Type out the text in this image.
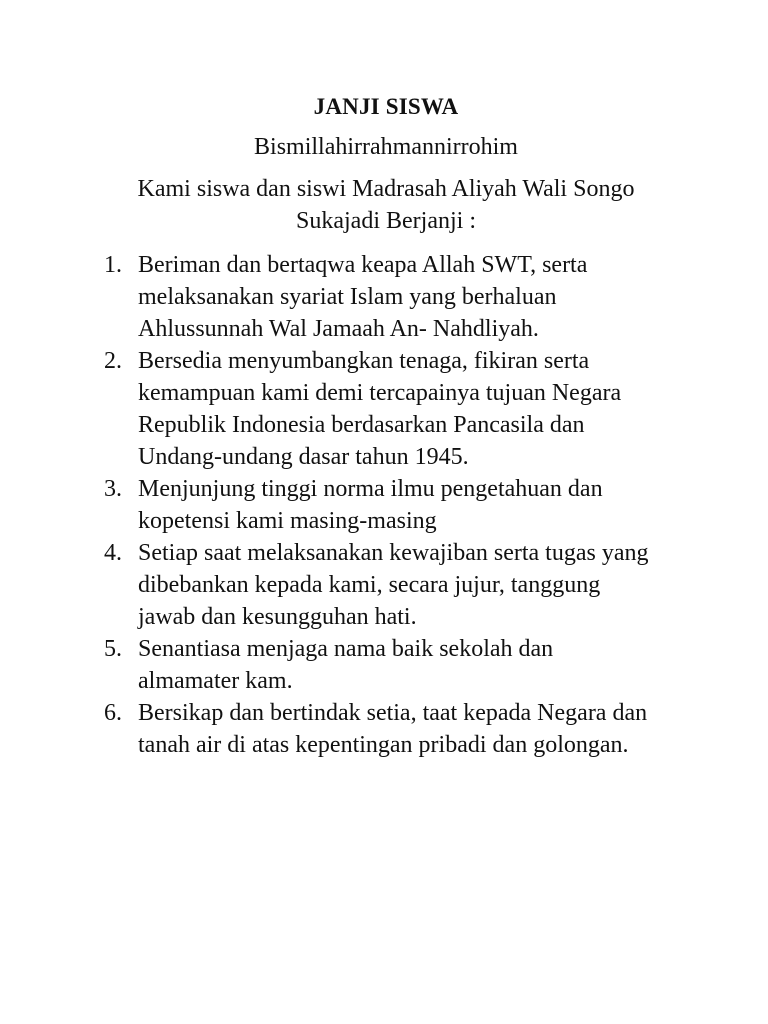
JANJI SISWA

Bismillahirrahmannirrohim

Kami siswa dan siswi Madrasah Aliyah Wali Songo
Sukajadi Berjanji :

1. Beriman dan bertaqwa keapa Allah SWT, serta
melaksanakan syariat Islam yang berhaluan
Ahlussunnah Wal Jamaah An- Nahdliyah.
2. Bersedia menyumbangkan tenaga, fikiran serta
kemampuan kami demi tercapainya tujuan Negara
Republik Indonesia berdasarkan Pancasila dan
Undang-undang dasar tahun 1945.
3. Menjunjung tinggi norma ilmu pengetahuan dan
kopetensi kami masing-masing
4. Setiap saat melaksanakan kewajiban serta tugas yang
dibebankan kepada kami, secara jujur, tanggung
jawab dan kesungguhan hati.
5. Senantiasa menjaga nama baik sekolah dan
almamater kam.
6. Bersikap dan bertindak setia, taat kepada Negara dan
tanah air di atas kepentingan pribadi dan golongan.
